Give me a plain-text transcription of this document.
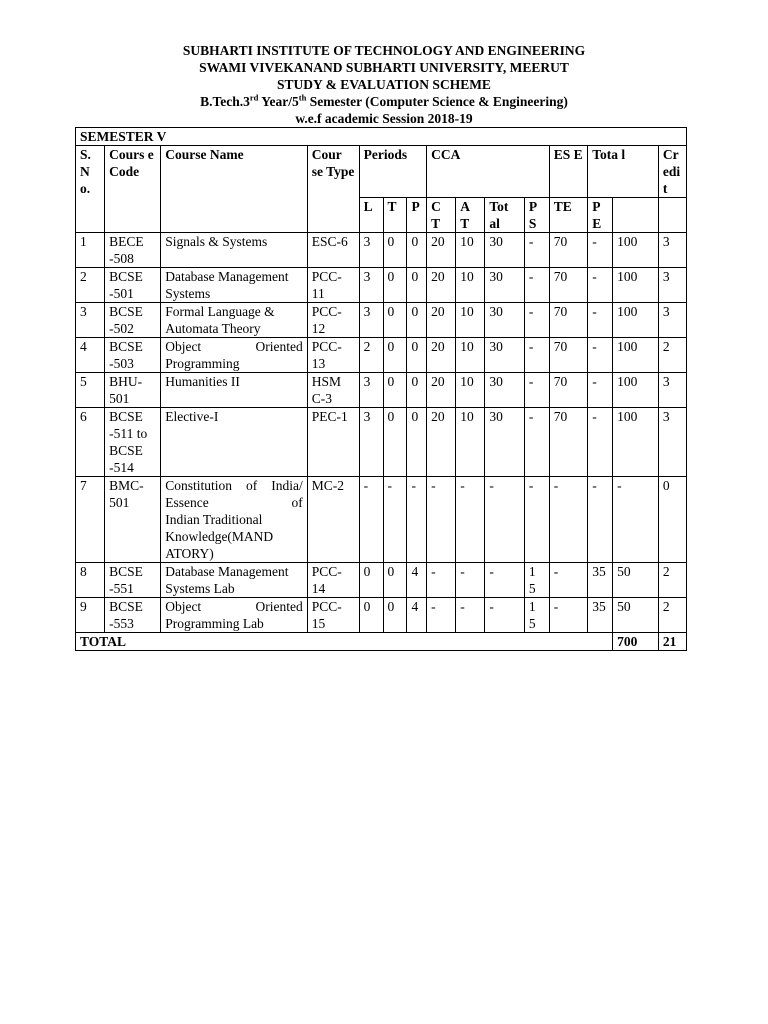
SUBHARTI INSTITUTE OF TECHNOLOGY AND ENGINEERING
SWAMI VIVEKANAND SUBHARTI UNIVERSITY, MEERUT
STUDY & EVALUATION SCHEME
B.Tech.3rd Year/5th Semester (Computer Science & Engineering)
w.e.f academic Session 2018-19
SEMESTER V														
S. N o.	Cours e Code	Course Name	Cour se Type	Periods			CCA				ES E	Tota l		Credi t
				L	T	P	C T	A T	Tot al	P S	TE	P E		
1	BECE -508	Signals & Systems	ESC-6	3	0	0	20	10	30	-	70	-	100	3
2	BCSE -501	Database Management Systems	PCC-11	3	0	0	20	10	30	-	70	-	100	3
3	BCSE -502	Formal Language & Automata Theory	PCC-12	3	0	0	20	10	30	-	70	-	100	3
4	BCSE -503	Object Oriented
Programming	PCC-13	2	0	0	20	10	30	-	70	-	100	2
5	BHU-501	Humanities II	HSM C-3	3	0	0	20	10	30	-	70	-	100	3
6	BCSE -511 to BCSE -514	Elective-I	PEC-1	3	0	0	20	10	30	-	70	-	100	3
7	BMC-501	Constitution of India/ Essence of
Indian Traditional Knowledge(MAND ATORY)	MC-2	-	-	-	-	-	-	-	-	-	-	0
8	BCSE -551	Database Management Systems Lab	PCC-14	0	0	4	-	-	-	1 5	-	35	50	2
9	BCSE -553	Object Oriented
Programming Lab	PCC-15	0	0	4	-	-	-	1 5	-	35	50	2
TOTAL													700	21
